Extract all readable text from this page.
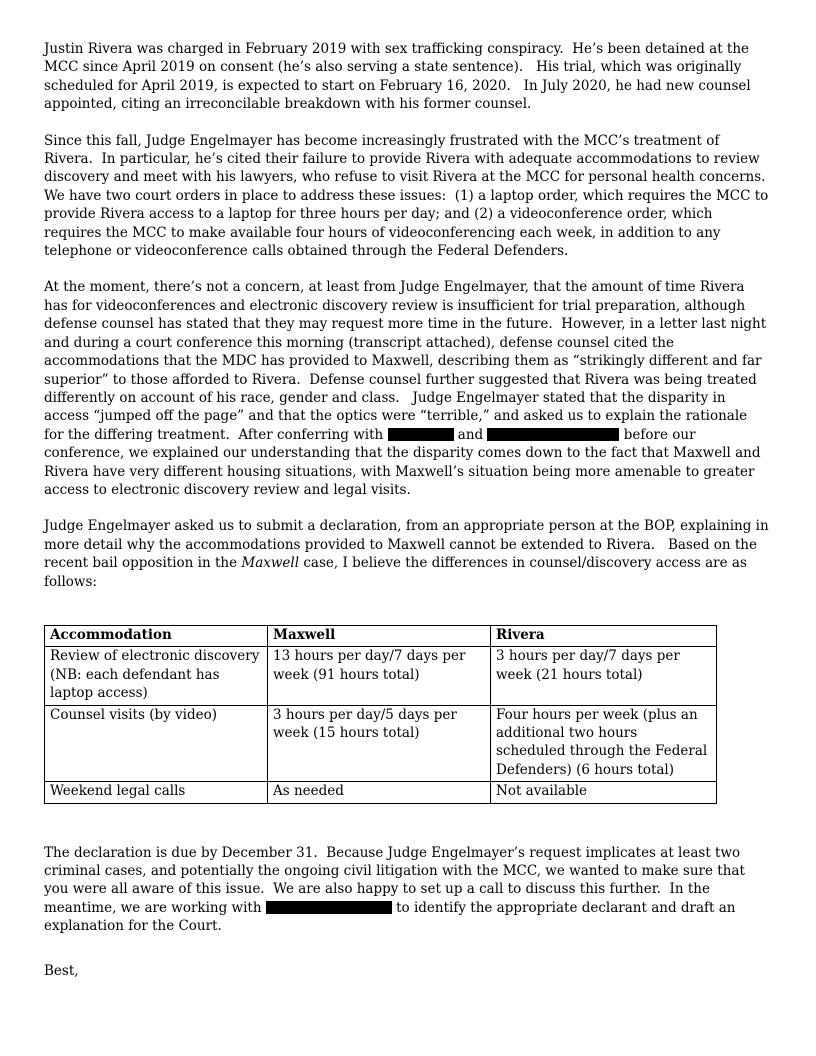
Justin Rivera was charged in February 2019 with sex trafficking conspiracy.  He’s been detained at the MCC since April 2019 on consent (he’s also serving a state sentence).   His trial, which was originally scheduled for April 2019, is expected to start on February 16, 2020.   In July 2020, he had new counsel appointed, citing an irreconcilable breakdown with his former counsel.

Since this fall, Judge Engelmayer has become increasingly frustrated with the MCC’s treatment of Rivera.  In particular, he’s cited their failure to provide Rivera with adequate accommodations to review discovery and meet with his lawyers, who refuse to visit Rivera at the MCC for personal health concerns.  We have two court orders in place to address these issues:  (1) a laptop order, which requires the MCC to provide Rivera access to a laptop for three hours per day; and (2) a videoconference order, which requires the MCC to make available four hours of videoconferencing each week, in addition to any telephone or videoconference calls obtained through the Federal Defenders.

At the moment, there’s not a concern, at least from Judge Engelmayer, that the amount of time Rivera has for videoconferences and electronic discovery review is insufficient for trial preparation, although defense counsel has stated that they may request more time in the future.  However, in a letter last night and during a court conference this morning (transcript attached), defense counsel cited the accommodations that the MDC has provided to Maxwell, describing them as “strikingly different and far superior” to those afforded to Rivera.  Defense counsel further suggested that Rivera was being treated differently on account of his race, gender and class.   Judge Engelmayer stated that the disparity in access “jumped off the page” and that the optics were “terrible,” and asked us to explain the rationale for the differing treatment.  After conferring with	and	before our conference, we explained our understanding that the disparity comes down to the fact that Maxwell and Rivera have very different housing situations, with Maxwell’s situation being more amenable to greater access to electronic discovery review and legal visits.

Judge Engelmayer asked us to submit a declaration, from an appropriate person at the BOP, explaining in more detail why the accommodations provided to Maxwell cannot be extended to Rivera.   Based on the recent bail opposition in the Maxwell case, I believe the differences in counsel/discovery access are as follows:

Accommodation	Maxwell	Rivera
Review of electronic discovery (NB: each defendant has laptop access)	13 hours per day/7 days per week (91 hours total)	3 hours per day/7 days per week (21 hours total)
Counsel visits (by video)	3 hours per day/5 days per week (15 hours total)	Four hours per week (plus an additional two hours scheduled through the Federal Defenders) (6 hours total)
Weekend legal calls	As needed	Not available

The declaration is due by December 31.  Because Judge Engelmayer’s request implicates at least two criminal cases, and potentially the ongoing civil litigation with the MCC, we wanted to make sure that you were all aware of this issue.  We are also happy to set up a call to discuss this further.  In the meantime, we are working with	to identify the appropriate declarant and draft an explanation for the Court.

Best,
